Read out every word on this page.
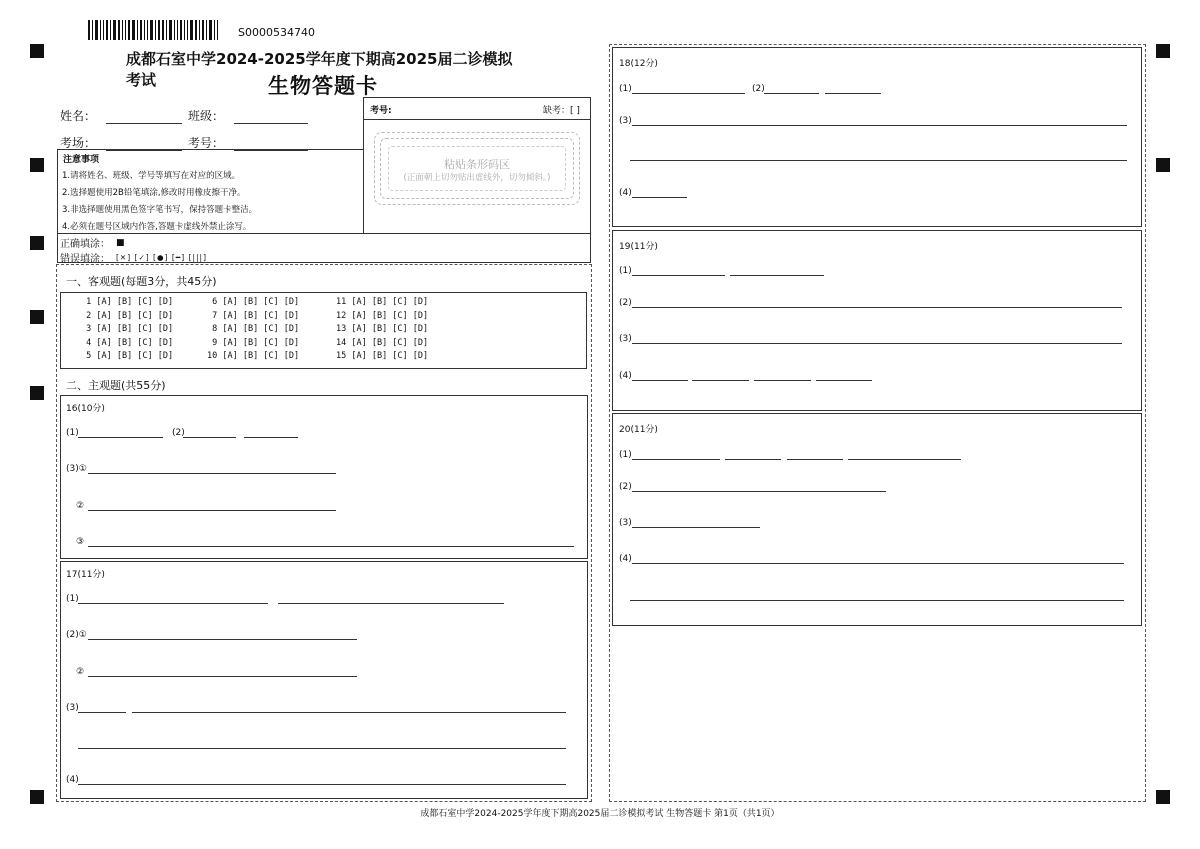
S0000534740
成都石室中学2024-2025学年度下期高2025届二诊模拟考试	生物答题卡
姓名：	班级：
考场：	考号：
考号:	缺考：[ ]
粘贴条形码区
(正面朝上切勿贴出虚线外，切勿倾斜。)
注意事项
1.请将姓名、班级、学号等填写在对应的区域。
2.选择题使用2B铅笔填涂,修改时用橡皮擦干净。
3.非选择题使用黑色签字笔书写，保持答题卡整洁。
4.必须在题号区域内作答,答题卡虚线外禁止涂写。
正确填涂： ■
错误填涂： [✕] [✓] [●] [━] [|||]
一、客观题(每题3分，共45分)
1 [A] [B] [C] [D]
2 [A] [B] [C] [D]
3 [A] [B] [C] [D]
4 [A] [B] [C] [D]
5 [A] [B] [C] [D]
6 [A] [B] [C] [D]
7 [A] [B] [C] [D]
8 [A] [B] [C] [D]
9 [A] [B] [C] [D]
10 [A] [B] [C] [D]
11 [A] [B] [C] [D]
12 [A] [B] [C] [D]
13 [A] [B] [C] [D]
14 [A] [B] [C] [D]
15 [A] [B] [C] [D]
二、主观题(共55分)
16(10分)
(1)	(2)
(3)①
②
③
17(11分)
(1)
(2)①
②
(3)
(4)
18(12分)
(1)	(2)
(3)
(4)
19(11分)
(1)
(2)
(3)
(4)
20(11分)
(1)
(2)
(3)
(4)
成都石室中学2024-2025学年度下期高2025届二诊模拟考试 生物答题卡 第1页（共1页）
